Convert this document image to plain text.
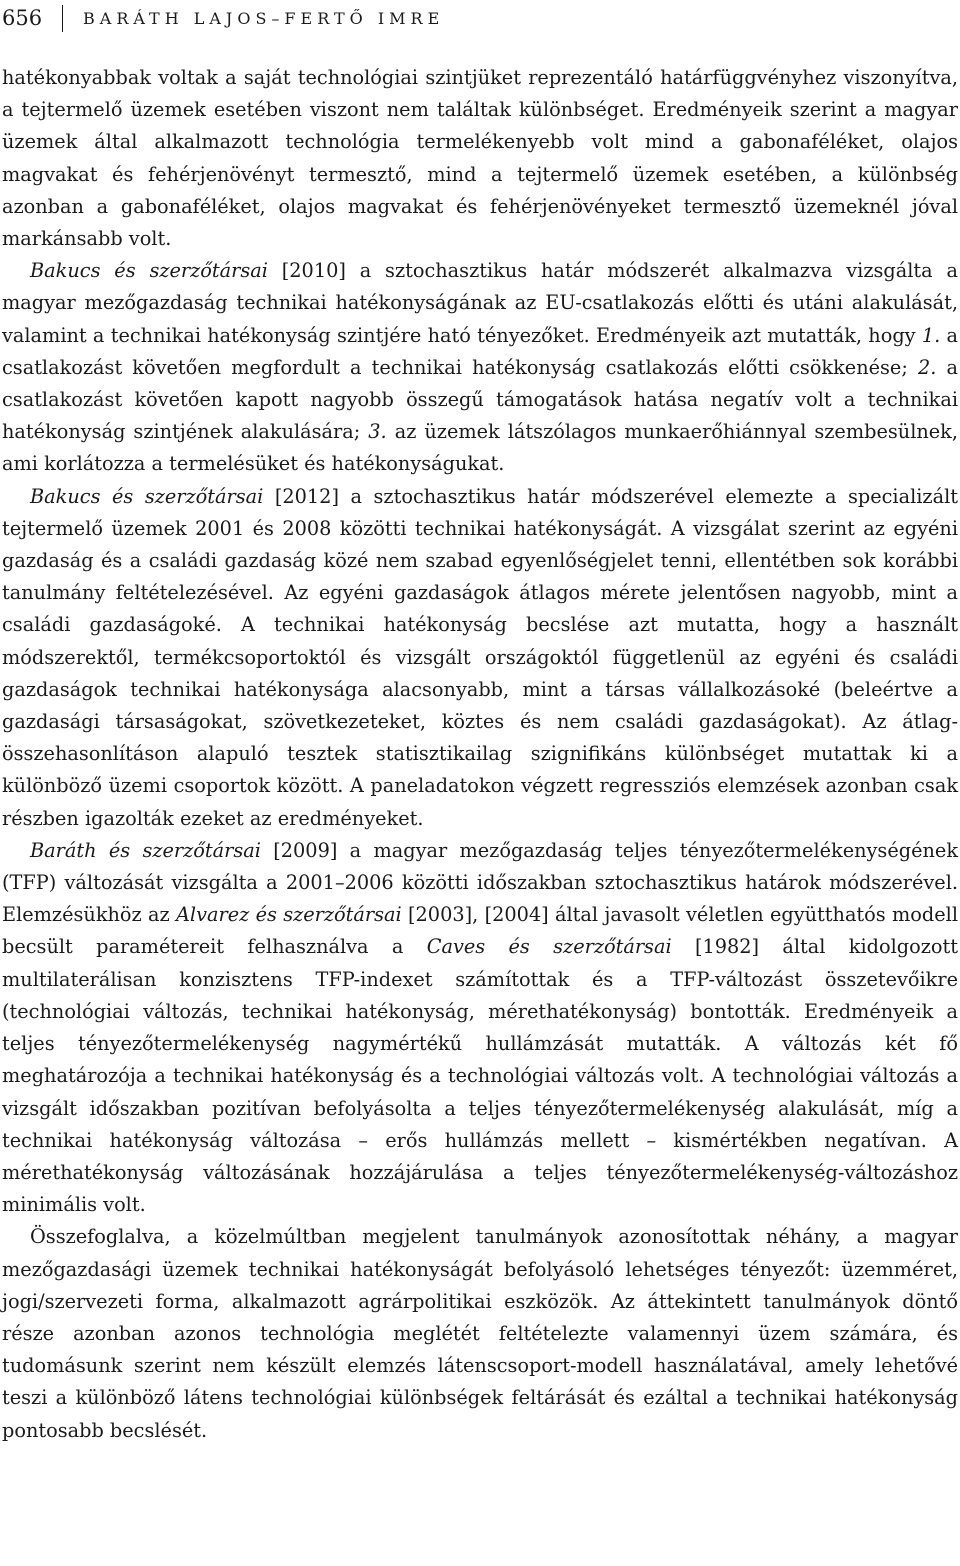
656	BARÁTH LAJOS–FERTŐ IMRE

hatékonyabbak voltak a saját technológiai szintjüket reprezentáló határfüggvényhez viszonyítva, a tejtermelő üzemek esetében viszont nem találtak különbséget. Eredményeik szerint a magyar üzemek által alkalmazott technológia termelékenyebb volt mind a gabonaféléket, olajos magvakat és fehérjenövényt termesztő, mind a tejtermelő üzemek esetében, a különbség azonban a gabonaféléket, olajos magvakat és fehérjenövényeket termesztő üzemeknél jóval markánsabb volt.

Bakucs és szerzőtársai [2010] a sztochasztikus határ módszerét alkalmazva vizsgálta a magyar mezőgazdaság technikai hatékonyságának az EU-csatlakozás előtti és utáni alakulását, valamint a technikai hatékonyság szintjére ható tényezőket. Eredményeik azt mutatták, hogy 1. a csatlakozást követően megfordult a technikai hatékonyság csatlakozás előtti csökkenése; 2. a csatlakozást követően kapott nagyobb összegű támogatások hatása negatív volt a technikai hatékonyság szintjének alakulására; 3. az üzemek látszólagos munkaerőhiánnyal szembesülnek, ami korlátozza a termelésüket és hatékonyságukat.

Bakucs és szerzőtársai [2012] a sztochasztikus határ módszerével elemezte a specializált tejtermelő üzemek 2001 és 2008 közötti technikai hatékonyságát. A vizsgálat szerint az egyéni gazdaság és a családi gazdaság közé nem szabad egyenlőségjelet tenni, ellentétben sok korábbi tanulmány feltételezésével. Az egyéni gazdaságok átlagos mérete jelentősen nagyobb, mint a családi gazdaságoké. A technikai hatékonyság becslése azt mutatta, hogy a használt módszerektől, termékcsoportoktól és vizsgált országoktól függetlenül az egyéni és családi gazdaságok technikai hatékonysága alacsonyabb, mint a társas vállalkozásoké (beleértve a gazdasági társaságokat, szövetkezeteket, köztes és nem családi gazdaságokat). Az átlag-összehasonlításon alapuló tesztek statisztikailag szignifikáns különbséget mutattak ki a különböző üzemi csoportok között. A paneladatokon végzett regressziós elemzések azonban csak részben igazolták ezeket az eredményeket.

Baráth és szerzőtársai [2009] a magyar mezőgazdaság teljes tényezőtermelékenységének (TFP) változását vizsgálta a 2001–2006 közötti időszakban sztochasztikus határok módszerével. Elemzésükhöz az Alvarez és szerzőtársai [2003], [2004] által javasolt véletlen együtthatós modell becsült paramétereit felhasználva a Caves és szerzőtársai [1982] által kidolgozott multilaterálisan konzisztens TFP-indexet számítottak és a TFP-változást összetevőikre (technológiai változás, technikai hatékonyság, mérethatékonyság) bontották. Eredményeik a teljes tényezőtermelékenység nagymértékű hullámzását mutatták. A változás két fő meghatározója a technikai hatékonyság és a technológiai változás volt. A technológiai változás a vizsgált időszakban pozitívan befolyásolta a teljes tényezőtermelékenység alakulását, míg a technikai hatékonyság változása – erős hullámzás mellett – kismértékben negatívan. A mérethatékonyság változásának hozzájárulása a teljes tényezőtermelékenység-változáshoz minimális volt.

Összefoglalva, a közelmúltban megjelent tanulmányok azonosítottak néhány, a magyar mezőgazdasági üzemek technikai hatékonyságát befolyásoló lehetséges tényezőt: üzemméret, jogi/szervezeti forma, alkalmazott agrárpolitikai eszközök. Az áttekintett tanulmányok döntő része azonban azonos technológia meglétét feltételezte valamennyi üzem számára, és tudomásunk szerint nem készült elemzés látenscsoport-modell használatával, amely lehetővé teszi a különböző látens technológiai különbségek feltárását és ezáltal a technikai hatékonyság pontosabb becslését.
